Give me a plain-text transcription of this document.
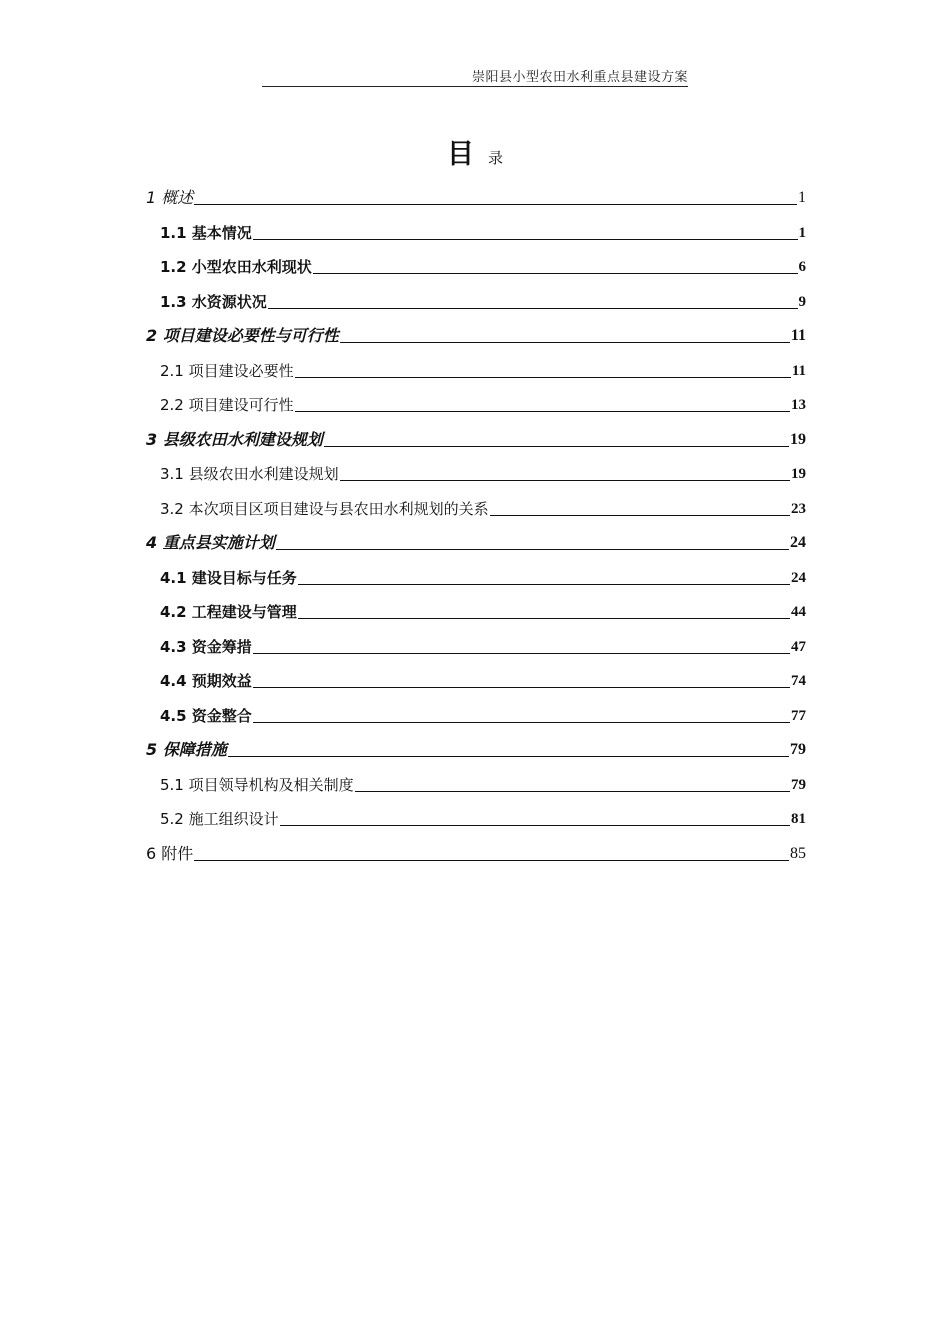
崇阳县小型农田水利重点县建设方案
目录
1 概述	1
1.1 基本情况	1
1.2 小型农田水利现状	6
1.3 水资源状况	9
2 项目建设必要性与可行性	11
2.1 项目建设必要性	11
2.2 项目建设可行性	13
3 县级农田水利建设规划	19
3.1 县级农田水利建设规划	19
3.2 本次项目区项目建设与县农田水利规划的关系	23
4 重点县实施计划	24
4.1 建设目标与任务	24
4.2 工程建设与管理	44
4.3 资金筹措	47
4.4 预期效益	74
4.5 资金整合	77
5 保障措施	79
5.1 项目领导机构及相关制度	79
5.2 施工组织设计	81
6 附件	85
